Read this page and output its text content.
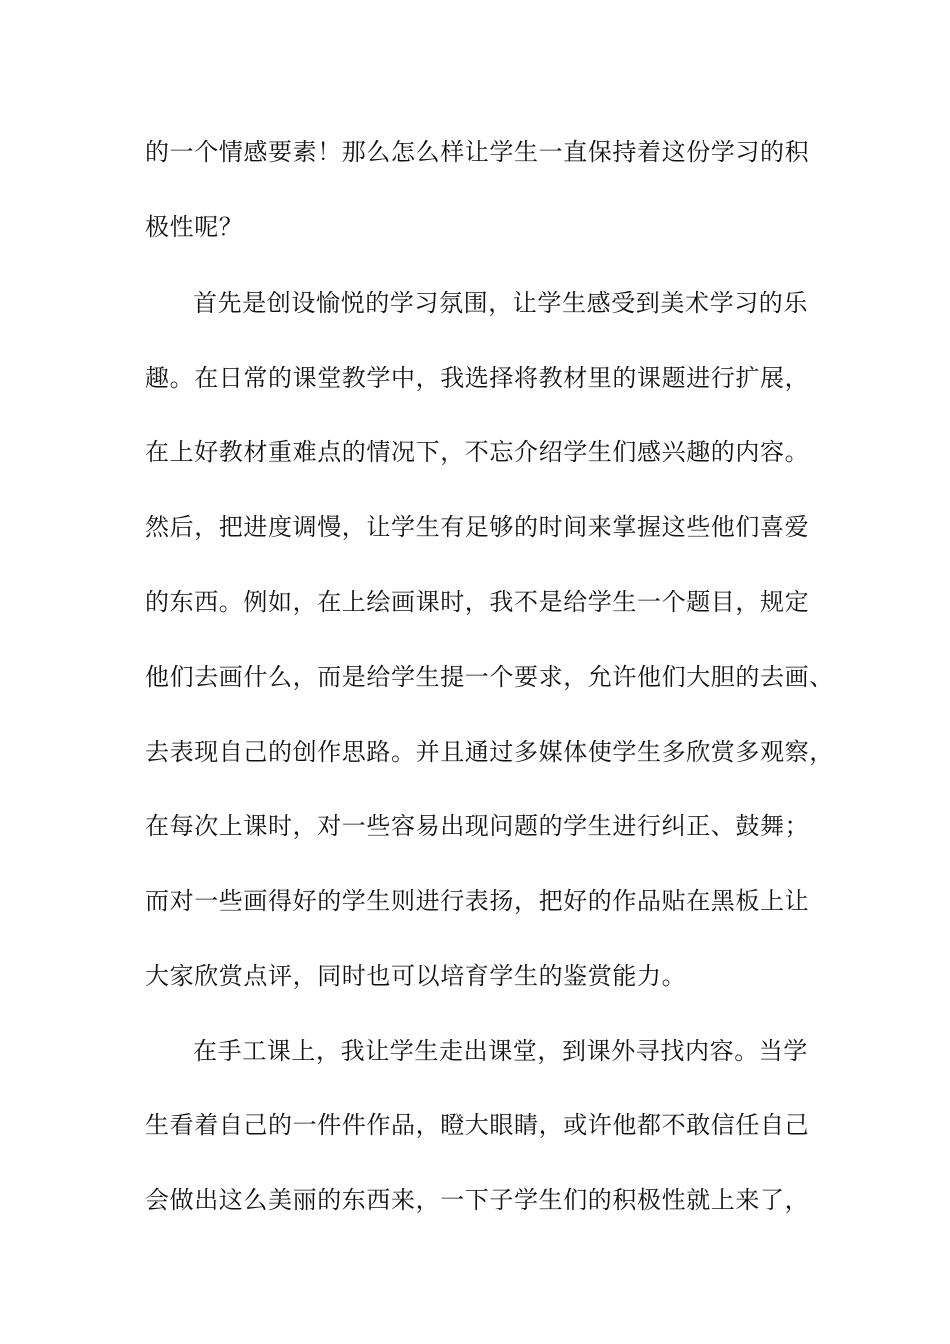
的一个情感要素！那么怎么样让学生一直保持着这份学习的积
极性呢？
首先是创设愉悦的学习氛围，让学生感受到美术学习的乐
趣。在日常的课堂教学中，我选择将教材里的课题进行扩展，
在上好教材重难点的情况下，不忘介绍学生们感兴趣的内容。
然后，把进度调慢，让学生有足够的时间来掌握这些他们喜爱
的东西。例如，在上绘画课时，我不是给学生一个题目，规定
他们去画什么，而是给学生提一个要求，允许他们大胆的去画、
去表现自己的创作思路。并且通过多媒体使学生多欣赏多观察，
在每次上课时，对一些容易出现问题的学生进行纠正、鼓舞；
而对一些画得好的学生则进行表扬，把好的作品贴在黑板上让
大家欣赏点评，同时也可以培育学生的鉴赏能力。
在手工课上，我让学生走出课堂，到课外寻找内容。当学
生看着自己的一件件作品，瞪大眼睛，或许他都不敢信任自己
会做出这么美丽的东西来，一下子学生们的积极性就上来了，
